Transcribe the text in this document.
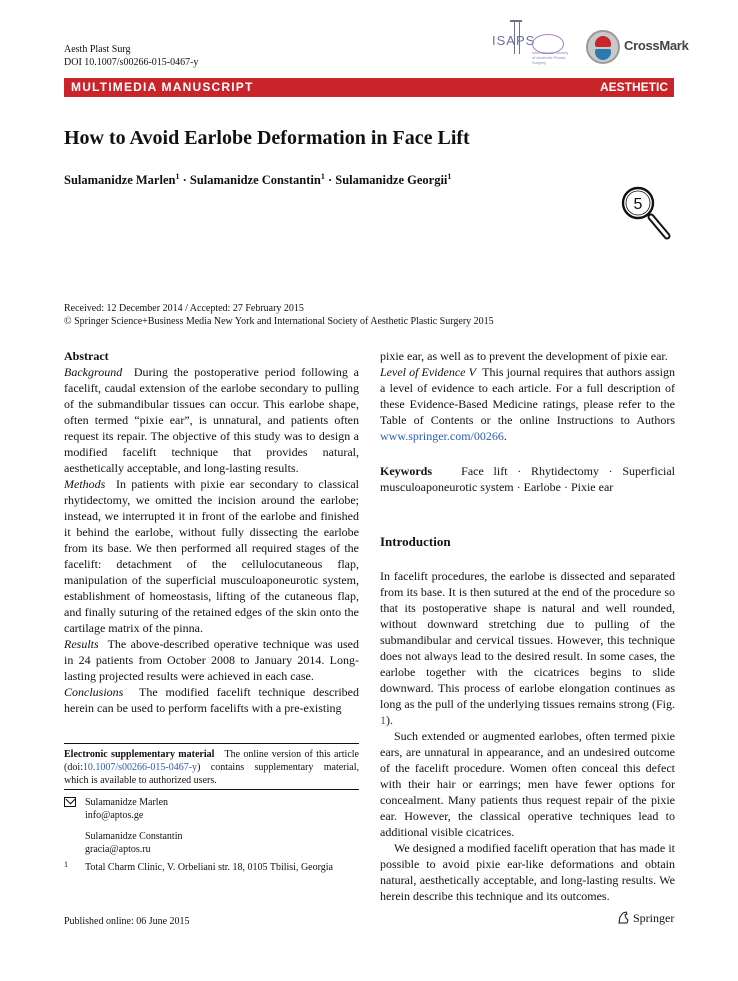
Aesth Plast Surg
DOI 10.1007/s00266-015-0467-y
ISAPS
International Society of Aesthetic Plastic Surgery
CrossMark
MULTIMEDIA MANUSCRIPT	AESTHETIC
How to Avoid Earlobe Deformation in Face Lift
Sulamanidze Marlen$^1$ · Sulamanidze Constantin$^1$ · Sulamanidze Georgii$^1$
5
Received: 12 December 2014 / Accepted: 27 February 2015
© Springer Science+Business Media New York and International Society of Aesthetic Plastic Surgery 2015

Abstract

Background During the postoperative period following a facelift, caudal extension of the earlobe secondary to pulling of the submandibular tissues can occur. This earlobe shape, often termed “pixie ear”, is unnatural, and patients often request its repair. The objective of this study was to design a modified facelift technique that provides natural, aesthetically acceptable, and long-lasting results.

Methods In patients with pixie ear secondary to classical rhytidectomy, we omitted the incision around the earlobe; instead, we interrupted it in front of the earlobe and finished it behind the earlobe, without fully dissecting the earlobe from its base. We then performed all required stages of the facelift: detachment of the cellulocutaneous flap, manipulation of the superficial musculoaponeurotic system, establishment of homeostasis, lifting of the cutaneous flap, and finally suturing of the retained edges of the skin onto the cartilage matrix of the pinna.

Results The above-described operative technique was used in 24 patients from October 2008 to January 2014. Long-lasting projected results were achieved in each case.

Conclusions The modified facelift technique described herein can be used to perform facelifts with a pre-existing

pixie ear, as well as to prevent the development of pixie ear.

Level of Evidence V This journal requires that authors assign a level of evidence to each article. For a full description of these Evidence-Based Medicine ratings, please refer to the Table of Contents or the online Instructions to Authors www.springer.com/00266.

Keywords Face lift · Rhytidectomy · Superficial musculoaponeurotic system · Earlobe · Pixie ear

Introduction

In facelift procedures, the earlobe is dissected and separated from its base. It is then sutured at the end of the procedure so that its postoperative shape is natural and well rounded, without downward stretching due to pulling of the submandibular and cervical tissues. However, this technique does not always lead to the desired result. In some cases, the earlobe together with the cicatrices begins to slide downward. This process of earlobe elongation continues as long as the pull of the underlying tissues remains strong (Fig. 1).

Such extended or augmented earlobes, often termed pixie ears, are unnatural in appearance, and an undesired outcome of the facelift procedure. Women often conceal this defect with their hair or earrings; men have fewer options for concealment. Many patients thus request repair of the pixie ear. However, the classical operative techniques lead to additional visible cicatrices.

We designed a modified facelift operation that has made it possible to avoid pixie ear-like deformations and obtain natural, aesthetically acceptable, and long-lasting results. We herein describe this technique and its outcomes.

Electronic supplementary material The online version of this article (doi:10.1007/s00266-015-0467-y) contains supplementary material, which is available to authorized users.
Sulamanidze Marlen
info@aptos.ge
Sulamanidze Constantin
gracia@aptos.ru
1	Total Charm Clinic, V. Orbeliani str. 18, 0105 Tbilisi, Georgia
Published online: 06 June 2015	Springer
